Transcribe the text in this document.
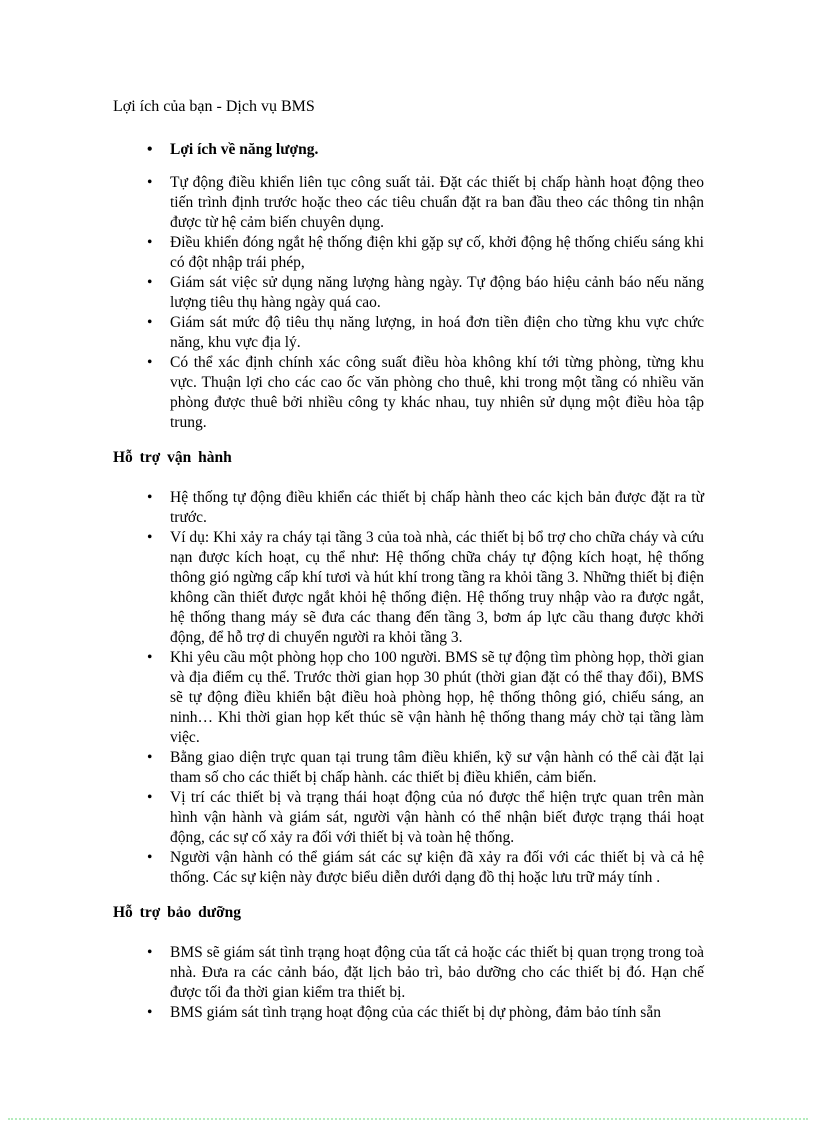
Lợi ích của bạn - Dịch vụ BMS
• Lợi ích về năng lượng.
• Tự động điều khiển liên tục công suất tải. Đặt các thiết bị chấp hành hoạt động theo tiến trình định trước hoặc theo các tiêu chuẩn đặt ra ban đầu theo các thông tin nhận được từ hệ cảm biến chuyên dụng.
• Điều khiển đóng ngắt hệ thống điện khi gặp sự cố, khởi động hệ thống chiếu sáng khi có đột nhập trái phép,
• Giám sát việc sử dụng năng lượng hàng ngày. Tự động báo hiệu cảnh báo nếu năng lượng tiêu thụ hàng ngày quá cao.
• Giám sát mức độ tiêu thụ năng lượng, in hoá đơn tiền điện cho từng khu vực chức năng, khu vực địa lý.
• Có thể xác định chính xác công suất điều hòa không khí tới từng phòng, từng khu vực. Thuận lợi cho các cao ốc văn phòng cho thuê, khi trong một tầng có nhiều văn phòng được thuê bởi nhiều công ty khác nhau, tuy nhiên sử dụng một điều hòa tập trung.
Hỗ trợ vận hành
• Hệ thống tự động điều khiển các thiết bị chấp hành theo các kịch bản được đặt ra từ trước.
• Ví dụ: Khi xảy ra cháy tại tầng 3 của toà nhà, các thiết bị bổ trợ cho chữa cháy và cứu nạn được kích hoạt, cụ thể như: Hệ thống chữa cháy tự động kích hoạt, hệ thống thông gió ngừng cấp khí tươi và hút khí trong tầng ra khỏi tầng 3. Những thiết bị điện không cần thiết được ngắt khỏi hệ thống điện. Hệ thống truy nhập vào ra được ngắt, hệ thống thang máy sẽ đưa các thang đến tầng 3, bơm áp lực cầu thang được khởi động, để hỗ trợ di chuyển người ra khỏi tầng 3.
• Khi yêu cầu một phòng họp cho 100 người. BMS sẽ tự động tìm phòng họp, thời gian và địa điểm cụ thể. Trước thời gian họp 30 phút (thời gian đặt có thể thay đổi), BMS sẽ tự động điều khiển bật điều hoà phòng họp, hệ thống thông gió, chiếu sáng, an ninh… Khi thời gian họp kết thúc sẽ vận hành hệ thống thang máy chờ tại tầng làm việc.
• Bằng giao diện trực quan tại trung tâm điều khiển, kỹ sư vận hành có thể cài đặt lại tham số cho các thiết bị chấp hành. các thiết bị điều khiển, cảm biến.
• Vị trí các thiết bị và trạng thái hoạt động của nó được thể hiện trực quan trên màn hình vận hành và giám sát, người vận hành có thể nhận biết được trạng thái hoạt động, các sự cố xảy ra đối với thiết bị và toàn hệ thống.
• Người vận hành có thể giám sát các sự kiện đã xảy ra đối với các thiết bị và cả hệ thống. Các sự kiện này được biểu diễn dưới dạng đồ thị hoặc lưu trữ máy tính .
Hỗ trợ bảo dưỡng
• BMS sẽ giám sát tình trạng hoạt động của tất cả hoặc các thiết bị quan trọng trong toà nhà. Đưa ra các cảnh báo, đặt lịch bảo trì, bảo dưỡng cho các thiết bị đó. Hạn chế được tối đa thời gian kiểm tra thiết bị.
• BMS giám sát tình trạng hoạt động của các thiết bị dự phòng, đảm bảo tính sẵn
